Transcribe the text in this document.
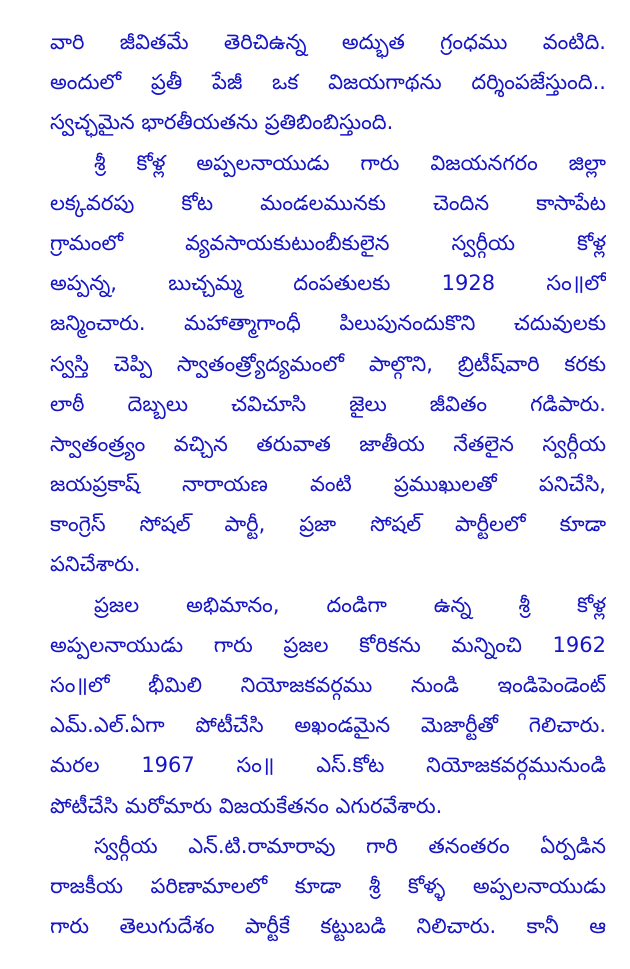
వారి జీవితమే తెరిచిఉన్న అద్భుత గ్రంధము వంటిది.
అందులో ప్రతీ పేజీ ఒక విజయగాథను దర్శింపజేస్తుంది..
స్వచ్ఛమైన భారతీయతను ప్రతిబింబిస్తుంది.
శ్రీ కోళ్ల అప్పలనాయుడు గారు విజయనగరం జిల్లా
లక్కవరపు కోట మండలమునకు చెందిన కాసాపేట
గ్రామంలో వ్యవసాయకుటుంబీకులైన స్వర్గీయ కోళ్ల
అప్పన్న, బుచ్చమ్మ దంపతులకు 1928 సం॥లో
జన్మించారు. మహాత్మాగాంధీ పిలుపునందుకొని చదువులకు
స్వస్తి చెప్పి స్వాతంత్ర్యోద్యమంలో పాల్గొని, బ్రిటీష్‌వారి కరకు
లాఠీ దెబ్బలు చవిచూసి జైలు జీవితం గడిపారు.
స్వాతంత్ర్యం వచ్చిన తరువాత జాతీయ నేతలైన స్వర్గీయ
జయప్రకాష్ నారాయణ వంటి ప్రముఖులతో పనిచేసి,
కాంగ్రెస్ సోషల్ పార్టీ, ప్రజా సోషల్ పార్టీలలో కూడా
పనిచేశారు.
ప్రజల అభిమానం, దండిగా ఉన్న శ్రీ కోళ్ల
అప్పలనాయుడు గారు ప్రజల కోరికను మన్నించి 1962
సం॥లో భీమిలి నియోజకవర్గము నుండి ఇండిపెండెంట్
ఎమ్.ఎల్.ఏగా పోటీచేసి అఖండమైన మెజార్టీతో గెలిచారు.
మరల 1967 సం॥ ఎస్.కోట నియోజకవర్గమునుండి
పోటీచేసి మరోమారు విజయకేతనం ఎగురవేశారు.
స్వర్గీయ ఎన్.టి.రామారావు గారి తనంతరం ఏర్పడిన
రాజకీయ పరిణామాలలో కూడా శ్రీ కోళ్ళ అప్పలనాయుడు
గారు తెలుగుదేశం పార్టీకే కట్టుబడి నిలిచారు. కానీ ఆ
